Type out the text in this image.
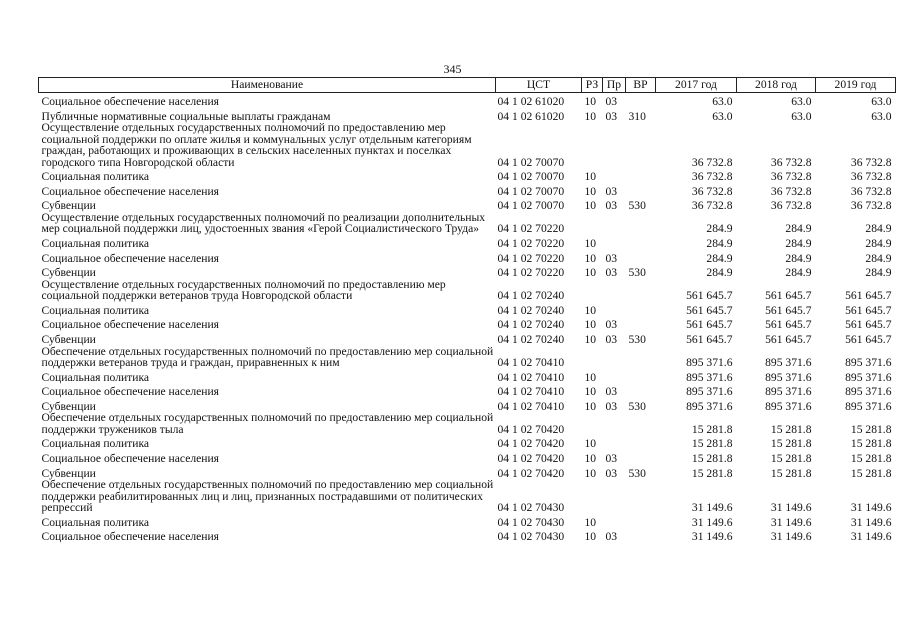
345
Наименование	ЦСТ	РЗ	Пр	ВР	2017 год	2018 год	2019 год
Социальное обеспечение населения	04 1 02 61020	10	03		63.0	63.0	63.0
Публичные нормативные социальные выплаты гражданам	04 1 02 61020	10	03	310	63.0	63.0	63.0
Осуществление отдельных государственных полномочий по предоставлению мер социальной поддержки по оплате жилья и коммунальных услуг отдельным категориям граждан, работающих и проживающих в сельских населенных пунктах и поселках городского типа Новгородской области	04 1 02 70070				36 732.8	36 732.8	36 732.8
Социальная политика	04 1 02 70070	10			36 732.8	36 732.8	36 732.8
Социальное обеспечение населения	04 1 02 70070	10	03		36 732.8	36 732.8	36 732.8
Субвенции	04 1 02 70070	10	03	530	36 732.8	36 732.8	36 732.8
Осуществление отдельных государственных полномочий по реализации дополнительных мер социальной поддержки лиц, удостоенных звания «Герой Социалистического Труда»	04 1 02 70220				284.9	284.9	284.9
Социальная политика	04 1 02 70220	10			284.9	284.9	284.9
Социальное обеспечение населения	04 1 02 70220	10	03		284.9	284.9	284.9
Субвенции	04 1 02 70220	10	03	530	284.9	284.9	284.9
Осуществление отдельных государственных полномочий по предоставлению мер социальной поддержки ветеранов труда Новгородской области	04 1 02 70240				561 645.7	561 645.7	561 645.7
Социальная политика	04 1 02 70240	10			561 645.7	561 645.7	561 645.7
Социальное обеспечение населения	04 1 02 70240	10	03		561 645.7	561 645.7	561 645.7
Субвенции	04 1 02 70240	10	03	530	561 645.7	561 645.7	561 645.7
Обеспечение отдельных государственных полномочий по предоставлению мер социальной поддержки ветеранов труда и граждан, приравненных к ним	04 1 02 70410				895 371.6	895 371.6	895 371.6
Социальная политика	04 1 02 70410	10			895 371.6	895 371.6	895 371.6
Социальное обеспечение населения	04 1 02 70410	10	03		895 371.6	895 371.6	895 371.6
Субвенции	04 1 02 70410	10	03	530	895 371.6	895 371.6	895 371.6
Обеспечение отдельных государственных полномочий по предоставлению мер социальной поддержки тружеников тыла	04 1 02 70420				15 281.8	15 281.8	15 281.8
Социальная политика	04 1 02 70420	10			15 281.8	15 281.8	15 281.8
Социальное обеспечение населения	04 1 02 70420	10	03		15 281.8	15 281.8	15 281.8
Субвенции	04 1 02 70420	10	03	530	15 281.8	15 281.8	15 281.8
Обеспечение отдельных государственных полномочий по предоставлению мер социальной поддержки реабилитированных лиц и лиц, признанных пострадавшими от политических репрессий	04 1 02 70430				31 149.6	31 149.6	31 149.6
Социальная политика	04 1 02 70430	10			31 149.6	31 149.6	31 149.6
Социальное обеспечение населения	04 1 02 70430	10	03		31 149.6	31 149.6	31 149.6
